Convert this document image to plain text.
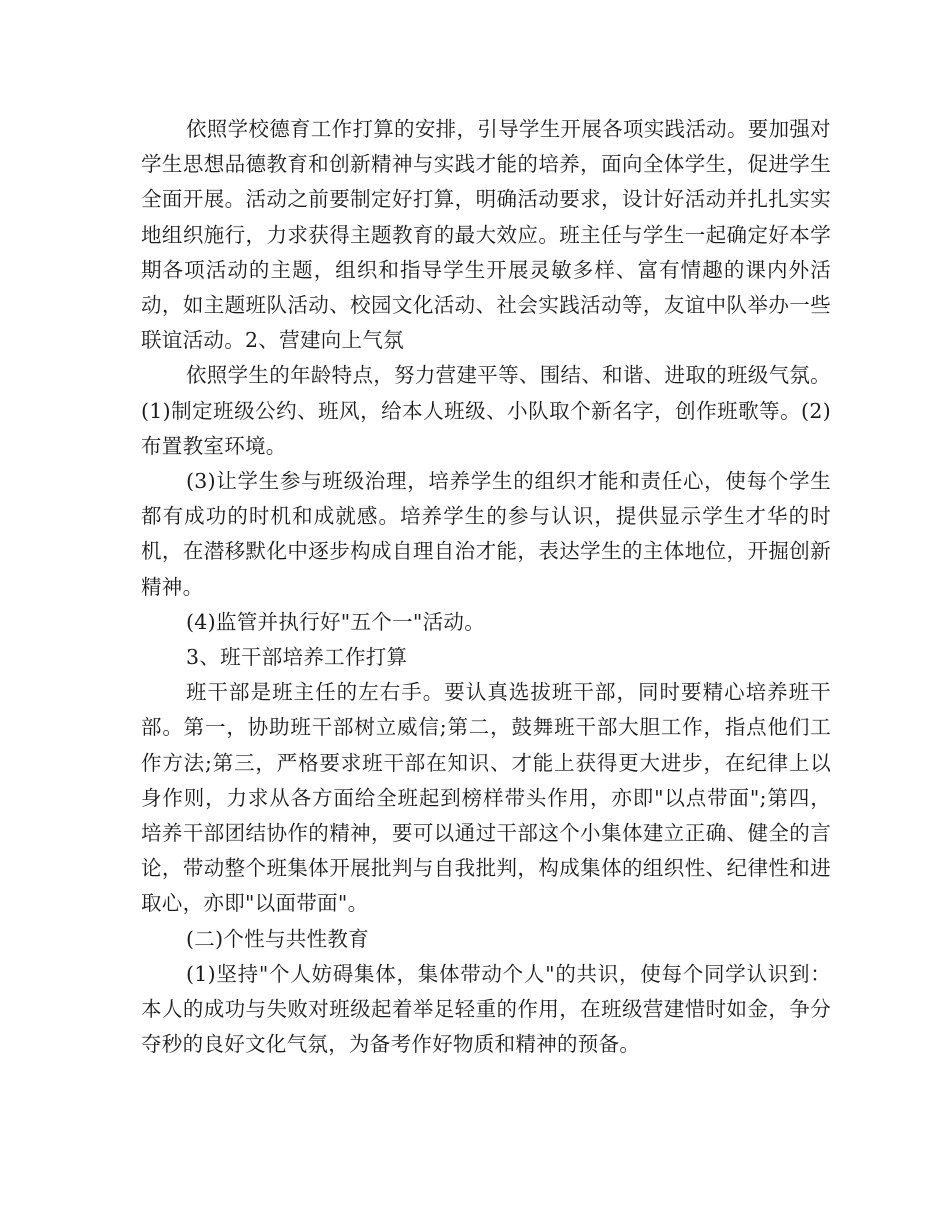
依照学校德育工作打算的安排，引导学生开展各项实践活动。要加强对学生思想品德教育和创新精神与实践才能的培养，面向全体学生，促进学生全面开展。活动之前要制定好打算，明确活动要求，设计好活动并扎扎实实地组织施行，力求获得主题教育的最大效应。班主任与学生一起确定好本学期各项活动的主题，组织和指导学生开展灵敏多样、富有情趣的课内外活动，如主题班队活动、校园文化活动、社会实践活动等，友谊中队举办一些联谊活动。2、营建向上气氛

依照学生的年龄特点，努力营建平等、围结、和谐、进取的班级气氛。(1)制定班级公约、班风，给本人班级、小队取个新名字，创作班歌等。(2)布置教室环境。

(3)让学生参与班级治理，培养学生的组织才能和责任心，使每个学生都有成功的时机和成就感。培养学生的参与认识，提供显示学生才华的时机，在潜移默化中逐步构成自理自治才能，表达学生的主体地位，开掘创新精神。

(4)监管并执行好"五个一"活动。

3、班干部培养工作打算

班干部是班主任的左右手。要认真选拔班干部，同时要精心培养班干部。第一，协助班干部树立威信;第二，鼓舞班干部大胆工作，指点他们工作方法;第三，严格要求班干部在知识、才能上获得更大进步，在纪律上以身作则，力求从各方面给全班起到榜样带头作用，亦即"以点带面";第四，培养干部团结协作的精神，要可以通过干部这个小集体建立正确、健全的言论，带动整个班集体开展批判与自我批判，构成集体的组织性、纪律性和进取心，亦即"以面带面"。

(二)个性与共性教育

(1)坚持"个人妨碍集体，集体带动个人"的共识，使每个同学认识到：本人的成功与失败对班级起着举足轻重的作用，在班级营建惜时如金，争分夺秒的良好文化气氛，为备考作好物质和精神的预备。
